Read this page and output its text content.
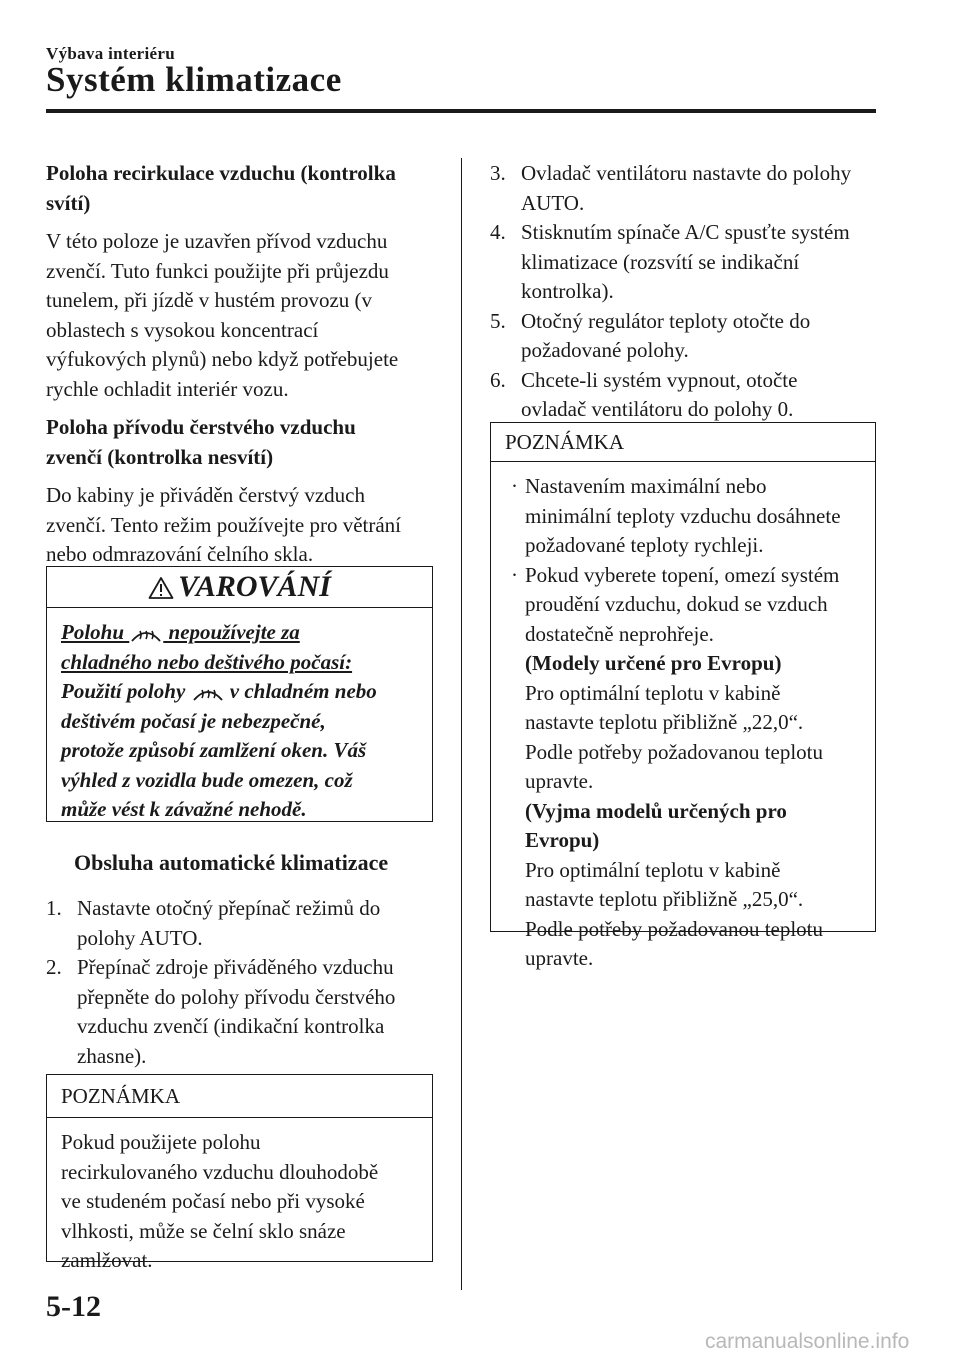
Výbava interiéru
Systém klimatizace

Poloha recirkulace vzduchu (kontrolka
svítí)

V této poloze je uzavřen přívod vzduchu
zvenčí. Tuto funkci použijte při průjezdu
tunelem, při jízdě v hustém provozu (v
oblastech s vysokou koncentrací
výfukových plynů) nebo když potřebujete
rychle ochladit interiér vozu.

Poloha přívodu čerstvého vzduchu
zvenčí (kontrolka nesvítí)

Do kabiny je přiváděn čerstvý vzduch
zvenčí. Tento režim používejte pro větrání
nebo odmrazování čelního skla.

VAROVÁNÍ
Polohu nepoužívejte za
chladného nebo deštivého počasí:
Použití polohy v chladném nebo
deštivém počasí je nebezpečné,
protože způsobí zamlžení oken. Váš
výhled z vozidla bude omezen, což
může vést k závažné nehodě.
Obsluha automatické klimatizace
1. Nastavte otočný přepínač režimů do
polohy AUTO.
2. Přepínač zdroje přiváděného vzduchu
přepněte do polohy přívodu čerstvého
vzduchu zvenčí (indikační kontrolka
zhasne).
POZNÁMKA
Pokud použijete polohu
recirkulovaného vzduchu dlouhodobě
ve studeném počasí nebo při vysoké
vlhkosti, může se čelní sklo snáze
zamlžovat.
3. Ovladač ventilátoru nastavte do polohy
AUTO.
4. Stisknutím spínače A/C spusťte systém
klimatizace (rozsvítí se indikační
kontrolka).
5. Otočný regulátor teploty otočte do
požadované polohy.
6. Chcete-li systém vypnout, otočte
ovladač ventilátoru do polohy 0.
POZNÁMKA
· Nastavením maximální nebo
minimální teploty vzduchu dosáhnete
požadované teploty rychleji.
· Pokud vyberete topení, omezí systém
proudění vzduchu, dokud se vzduch
dostatečně neprohřeje.
(Modely určené pro Evropu)
Pro optimální teplotu v kabině
nastavte teplotu přibližně „22,0“.
Podle potřeby požadovanou teplotu
upravte.
(Vyjma modelů určených pro
Evropu)
Pro optimální teplotu v kabině
nastavte teplotu přibližně „25,0“.
Podle potřeby požadovanou teplotu
upravte.
5-12
carmanualsonline.info
